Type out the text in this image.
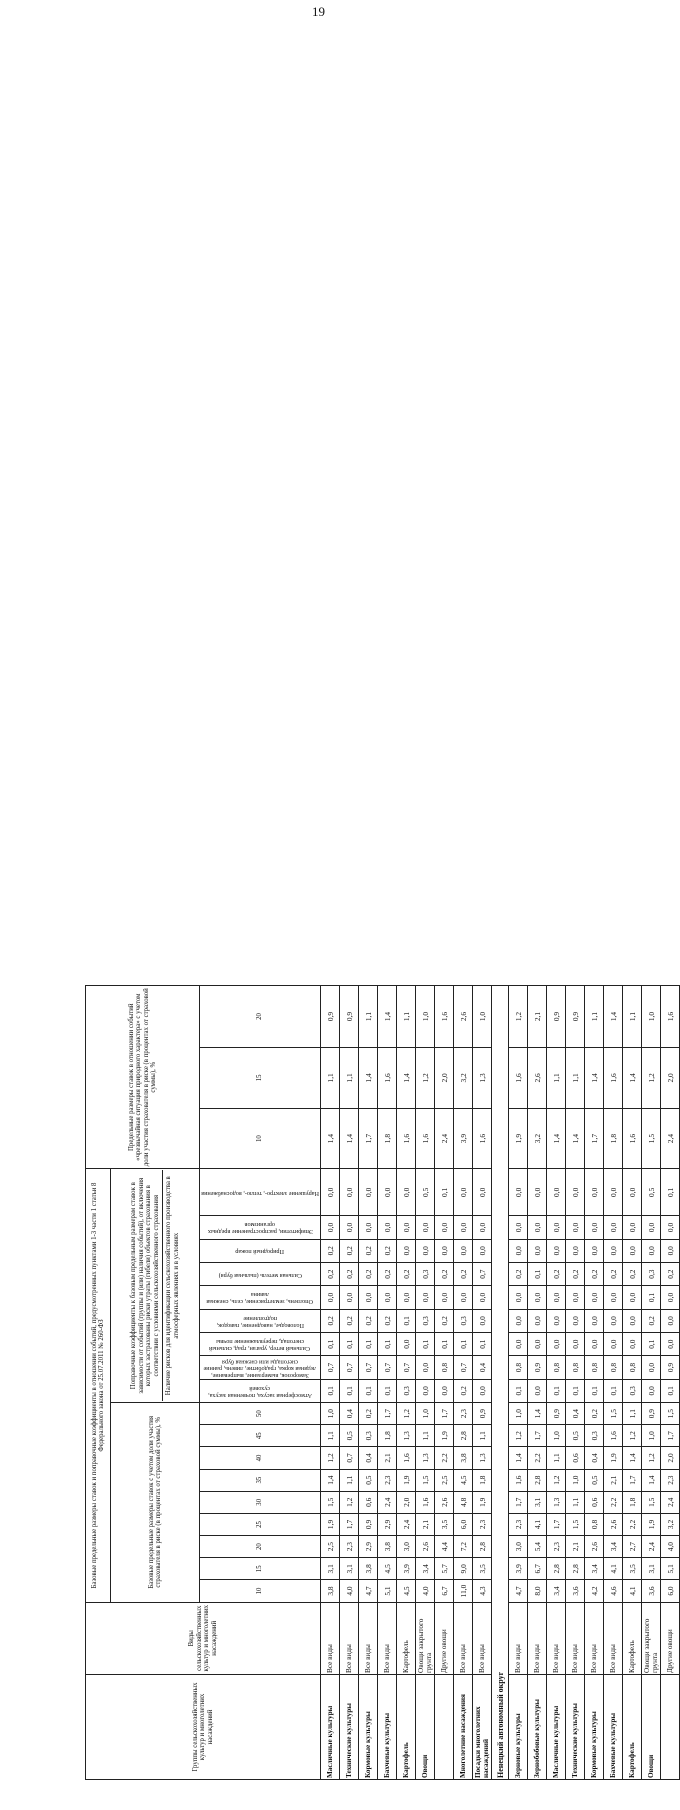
19
Группы сельскохозяйственных культур и многолетних насаждений	Виды сельскохозяйственных культур и многолетних насаждений	Базовые предельные размеры ставок и поправочные коэффициенты в отношении событий, предусмотренных пунктами 1-3 части 1 статьи 8 Федерального закона от 25.07.2011 № 260-ФЗ																		Предельные размеры ставок в отношении событий «чрезвычайная ситуация природного характера» с учетом доли участия страхователя в риске (в процентах от страховой суммы), %		
		Базовые предельные размеры ставок с учетом доли участия страхователя в риске (в процентах от страховой суммы), %									Поправочные коэффициенты к базовым предельным размерам ставок в зависимости от событий (группы и (или) наличия событий), от включения которых застрахованы риски утраты (гибели) объектов страхования в соответствии с условиями сельскохозяйственного страхования Наличие рисков для идентификации сельскохозяйственного производства в атмосферных явлениях и в условиях											

		10	15	20	25	30	35	40	45	50	Атмосферная засуха, почвенная засуха, суховей	Заморозок, вымерзание, выпревание, ледяная корка, градобитие, ливень, ранние снегопады или снежная буря	Сильный ветер, ураган, град, сильный снегопад, переувлажнение почвы	Половодье, наводнение, паводок, подтопление	Оползень, землетрясение, сель, снежная лавина	Сильная метель (пыльная буря)	Природный пожар	Эпифитотии, распространение вредных организмов	Нарушение электро-, тепло-, водоснабжения	10	15	20
Масличные культуры	Все виды	3,8	3,1	2,5	1,9	1,5	1,4	1,2	1,1	1,0	0,1	0,7	0,1	0,2	0,0	0,2	0,2	0,0	0,0	1,4	1,1	0,9
Технические культуры	Все виды	4,0	3,1	2,3	1,7	1,2	1,1	0,7	0,5	0,4	0,1	0,7	0,1	0,2	0,0	0,2	0,2	0,0	0,0	1,4	1,1	0,9
Кормовые культуры	Все виды	4,7	3,8	2,9	0,9	0,6	0,5	0,4	0,3	0,2	0,1	0,7	0,1	0,2	0,0	0,2	0,2	0,0	0,0	1,7	1,4	1,1
Бахчевые культуры	Все виды	5,1	4,5	3,8	2,9	2,4	2,3	2,1	1,8	1,7	0,1	0,7	0,1	0,2	0,0	0,2	0,2	0,0	0,0	1,8	1,6	1,4
Картофель	Картофель	4,5	3,9	3,0	2,4	2,0	1,9	1,6	1,3	1,2	0,3	0,7	0,0	0,1	0,0	0,2	0,0	0,0	0,0	1,6	1,4	1,1
Овощи	Овощи закрытого грунта	4,0	3,4	2,6	2,1	1,6	1,5	1,3	1,1	1,0	0,0	0,0	0,1	0,3	0,0	0,3	0,0	0,0	0,5	1,6	1,2	1,0
	Другие овощи	6,7	5,7	4,4	3,5	2,6	2,5	2,2	1,9	1,7	0,0	0,8	0,1	0,2	0,0	0,2	0,0	0,0	0,1	2,4	2,0	1,6
Многолетние насаждения	Все виды	11,0	9,0	7,2	6,0	4,8	4,5	3,8	2,8	2,3	0,2	0,7	0,1	0,3	0,0	0,2	0,0	0,0	0,0	3,9	3,2	2,6
Посадки многолетних насаждений	Все виды	4,3	3,5	2,8	2,3	1,9	1,8	1,3	1,1	0,9	0,0	0,4	0,1	0,0	0,0	0,7	0,0	0,0	0,0	1,6	1,3	1,0
Ненецкий автономный округ																						
Зерновые культуры	Все виды	4,7	3,9	3,0	2,3	1,7	1,6	1,4	1,2	1,0	0,1	0,8	0,0	0,0	0,0	0,2	0,0	0,0	0,0	1,9	1,6	1,2
Зернобобовые культуры	Все виды	8,0	6,7	5,4	4,1	3,1	2,8	2,2	1,7	1,4	0,0	0,9	0,0	0,0	0,0	0,1	0,0	0,0	0,0	3,2	2,6	2,1
Масличные культуры	Все виды	3,4	2,8	2,3	1,7	1,3	1,2	1,1	1,0	0,9	0,1	0,8	0,0	0,0	0,0	0,2	0,0	0,0	0,0	1,4	1,1	0,9
Технические культуры	Все виды	3,6	2,8	2,1	1,5	1,1	1,0	0,6	0,5	0,4	0,1	0,8	0,0	0,0	0,0	0,2	0,0	0,0	0,0	1,4	1,1	0,9
Кормовые культуры	Все виды	4,2	3,4	2,6	0,8	0,6	0,5	0,4	0,3	0,2	0,1	0,8	0,0	0,0	0,0	0,2	0,0	0,0	0,0	1,7	1,4	1,1
Бахчевые культуры	Все виды	4,6	4,1	3,4	2,6	2,2	2,1	1,9	1,6	1,5	0,1	0,8	0,0	0,0	0,0	0,2	0,0	0,0	0,0	1,8	1,6	1,4
Картофель	Картофель	4,1	3,5	2,7	2,2	1,8	1,7	1,4	1,2	1,1	0,3	0,8	0,0	0,0	0,0	0,2	0,0	0,0	0,0	1,6	1,4	1,1
Овощи	Овощи закрытого грунта	3,6	3,1	2,4	1,9	1,5	1,4	1,2	1,0	0,9	0,0	0,0	0,1	0,2	0,1	0,3	0,0	0,0	0,5	1,5	1,2	1,0
	Другие овощи	6,0	5,1	4,0	3,2	2,4	2,3	2,0	1,7	1,5	0,1	0,9	0,0	0,0	0,0	0,2	0,0	0,0	0,1	2,4	2,0	1,6
